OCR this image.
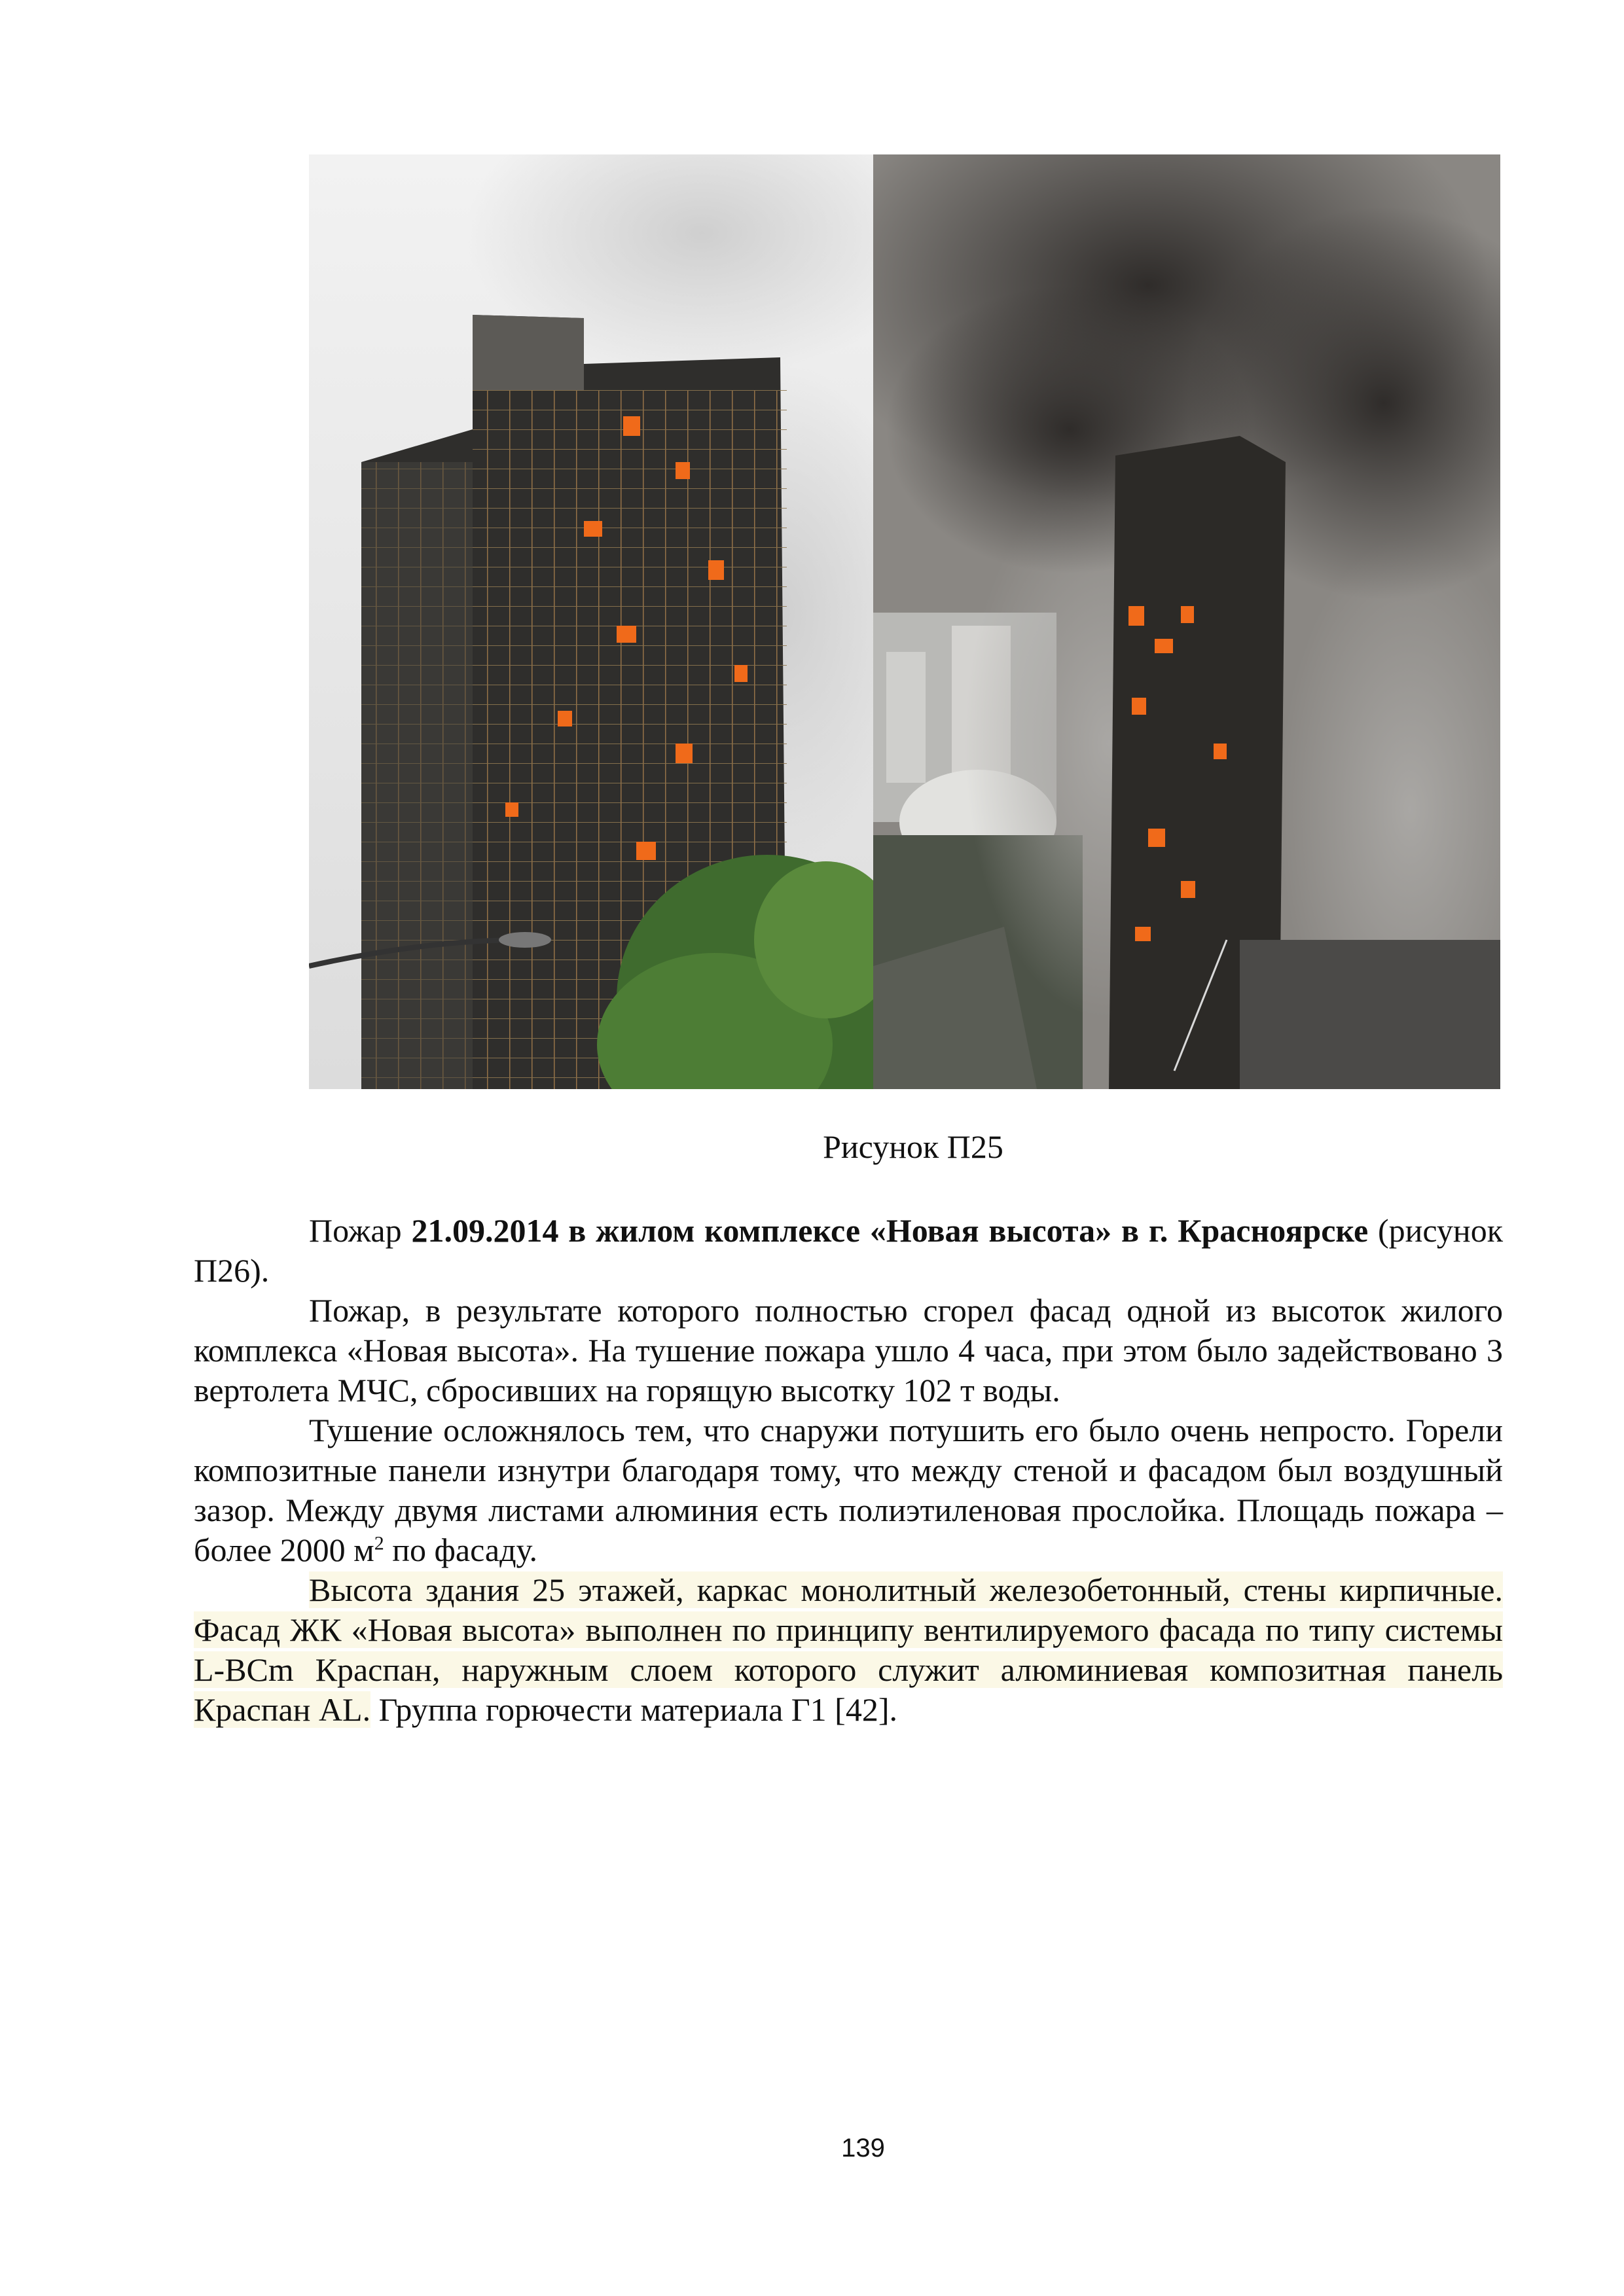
Рисунок П25

Пожар 21.09.2014 в жилом комплексе «Новая высота» в г. Красноярске (рисунок П26).

Пожар, в результате которого полностью сгорел фасад одной из высоток жилого комплекса «Новая высота». На тушение пожара ушло 4 часа, при этом было задействовано 3 вертолета МЧС, сбросивших на горящую высотку 102 т воды.

Тушение осложнялось тем, что снаружи потушить его было очень непросто. Горели композитные панели изнутри благодаря тому, что между стеной и фасадом был воздушный зазор. Между двумя листами алюминия есть полиэтиленовая прослойка. Площадь пожара – более 2000 $м^2$ по фасаду.

Высота здания 25 этажей, каркас монолитный железобетонный, стены кирпичные. Фасад ЖК «Новая высота» выполнен по принципу вентилируемого фасада по типу системы L-BCm Краспан, наружным слоем которого служит алюминиевая композитная панель Краспан AL. Группа горючести материала Г1 [42].

139
